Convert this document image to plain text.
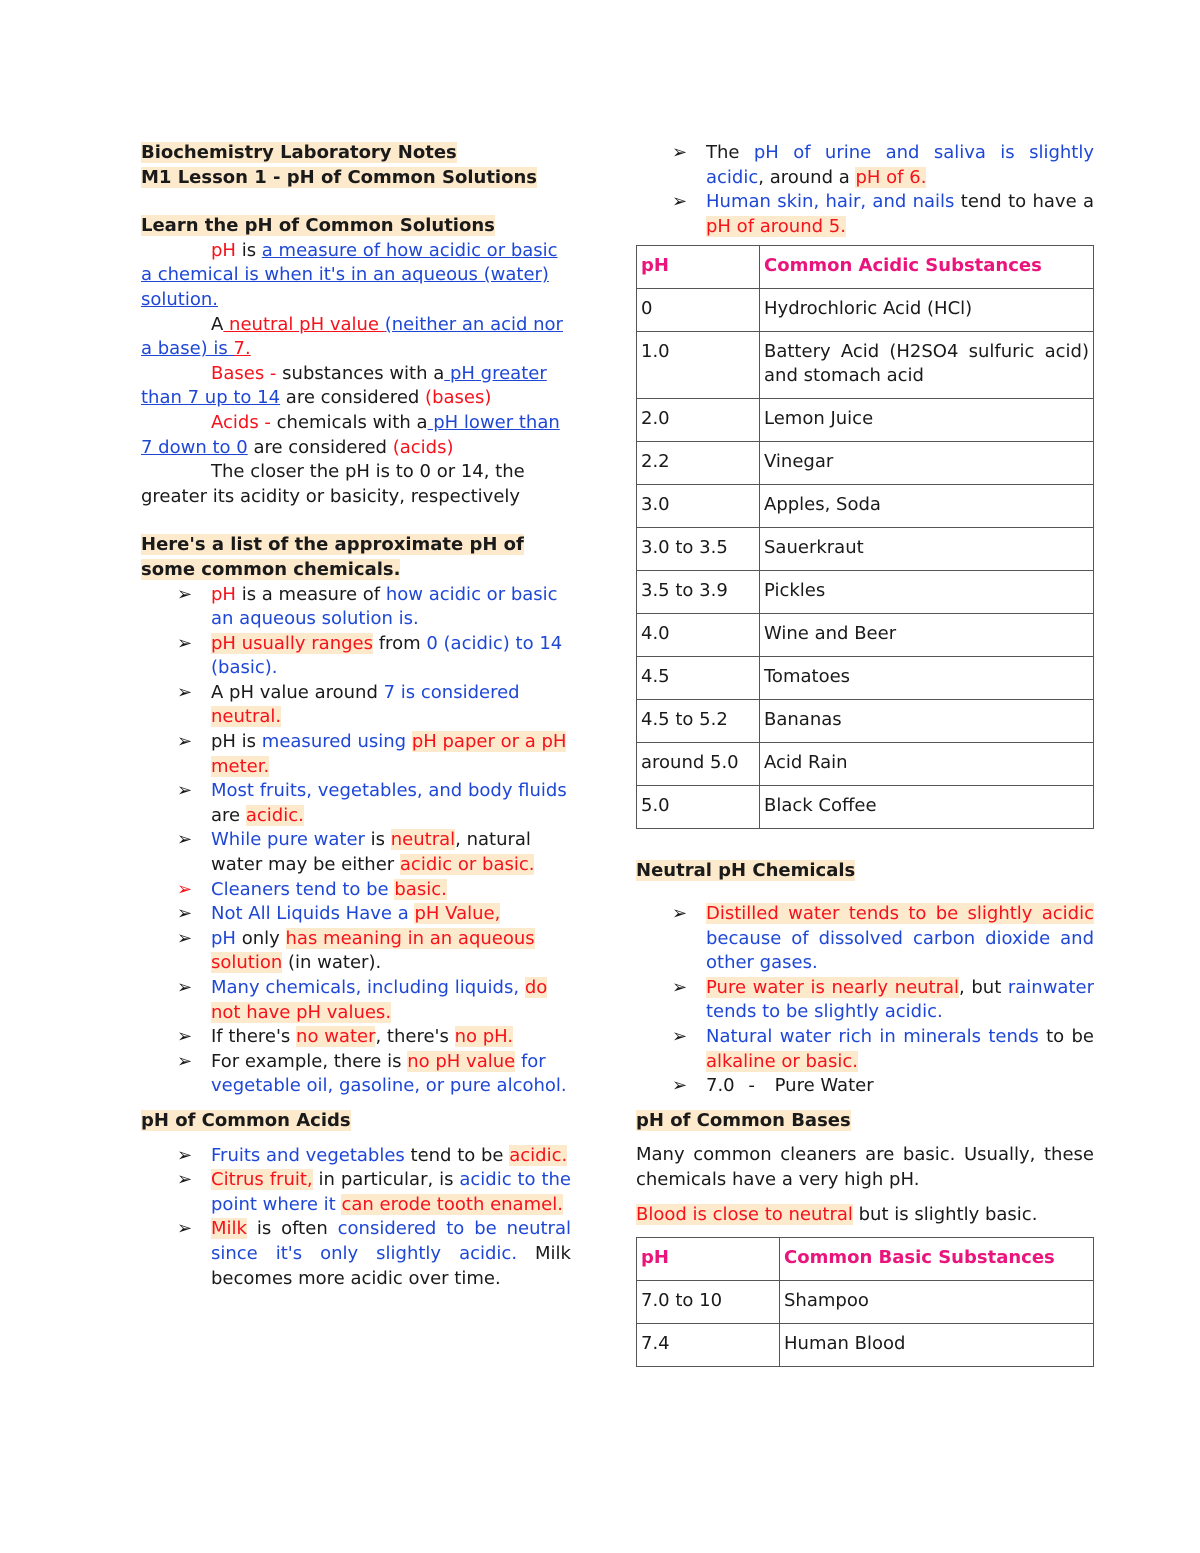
Biochemistry Laboratory Notes

M1 Lesson 1 - pH of Common Solutions

Learn the pH of Common Solutions

pH is a measure of how acidic or basic a chemical is when it's in an aqueous (water) solution.

A neutral pH value (neither an acid nor a base) is 7.

Bases - substances with a pH greater than 7 up to 14 are considered (bases)

Acids - chemicals with a pH lower than 7 down to 0 are considered (acids)

The closer the pH is to 0 or 14, the greater its acidity or basicity, respectively

Here's a list of the approximate pH of some common chemicals.

➢ pH is a measure of how acidic or basic an aqueous solution is.
➢ pH usually ranges from 0 (acidic) to 14 (basic).
➢ A pH value around 7 is considered neutral.
➢ pH is measured using pH paper or a pH meter.
➢ Most fruits, vegetables, and body fluids are acidic.
➢ While pure water is neutral, natural water may be either acidic or basic.
➢ Cleaners tend to be basic.
➢ Not All Liquids Have a pH Value,
➢ pH only has meaning in an aqueous solution (in water).
➢ Many chemicals, including liquids, do not have pH values.
➢ If there's no water, there's no pH.
➢ For example, there is no pH value for vegetable oil, gasoline, or pure alcohol.

pH of Common Acids

➢ Fruits and vegetables tend to be acidic.
➢ Citrus fruit, in particular, is acidic to the point where it can erode tooth enamel.
➢ Milk is often considered to be neutral since it's only slightly acidic. Milk becomes more acidic over time.
➢ The pH of urine and saliva is slightly acidic, around a pH of 6.
➢ Human skin, hair, and nails tend to have a pH of around 5.
pH	Common Acidic Substances
0	Hydrochloric Acid (HCl)
1.0	Battery Acid (H2SO4 sulfuric acid) and stomach acid
2.0	Lemon Juice
2.2	Vinegar
3.0	Apples, Soda
3.0 to 3.5	Sauerkraut
3.5 to 3.9	Pickles
4.0	Wine and Beer
4.5	Tomatoes
4.5 to 5.2	Bananas
around 5.0	Acid Rain
5.0	Black Coffee

Neutral pH Chemicals

➢ Distilled water tends to be slightly acidic because of dissolved carbon dioxide and other gases.
➢ Pure water is nearly neutral, but rainwater tends to be slightly acidic.
➢ Natural water rich in minerals tends to be alkaline or basic.
➢ 7.0 - Pure Water

pH of Common Bases

Many common cleaners are basic. Usually, these chemicals have a very high pH.

Blood is close to neutral but is slightly basic.

pH	Common Basic Substances
7.0 to 10	Shampoo
7.4	Human Blood
